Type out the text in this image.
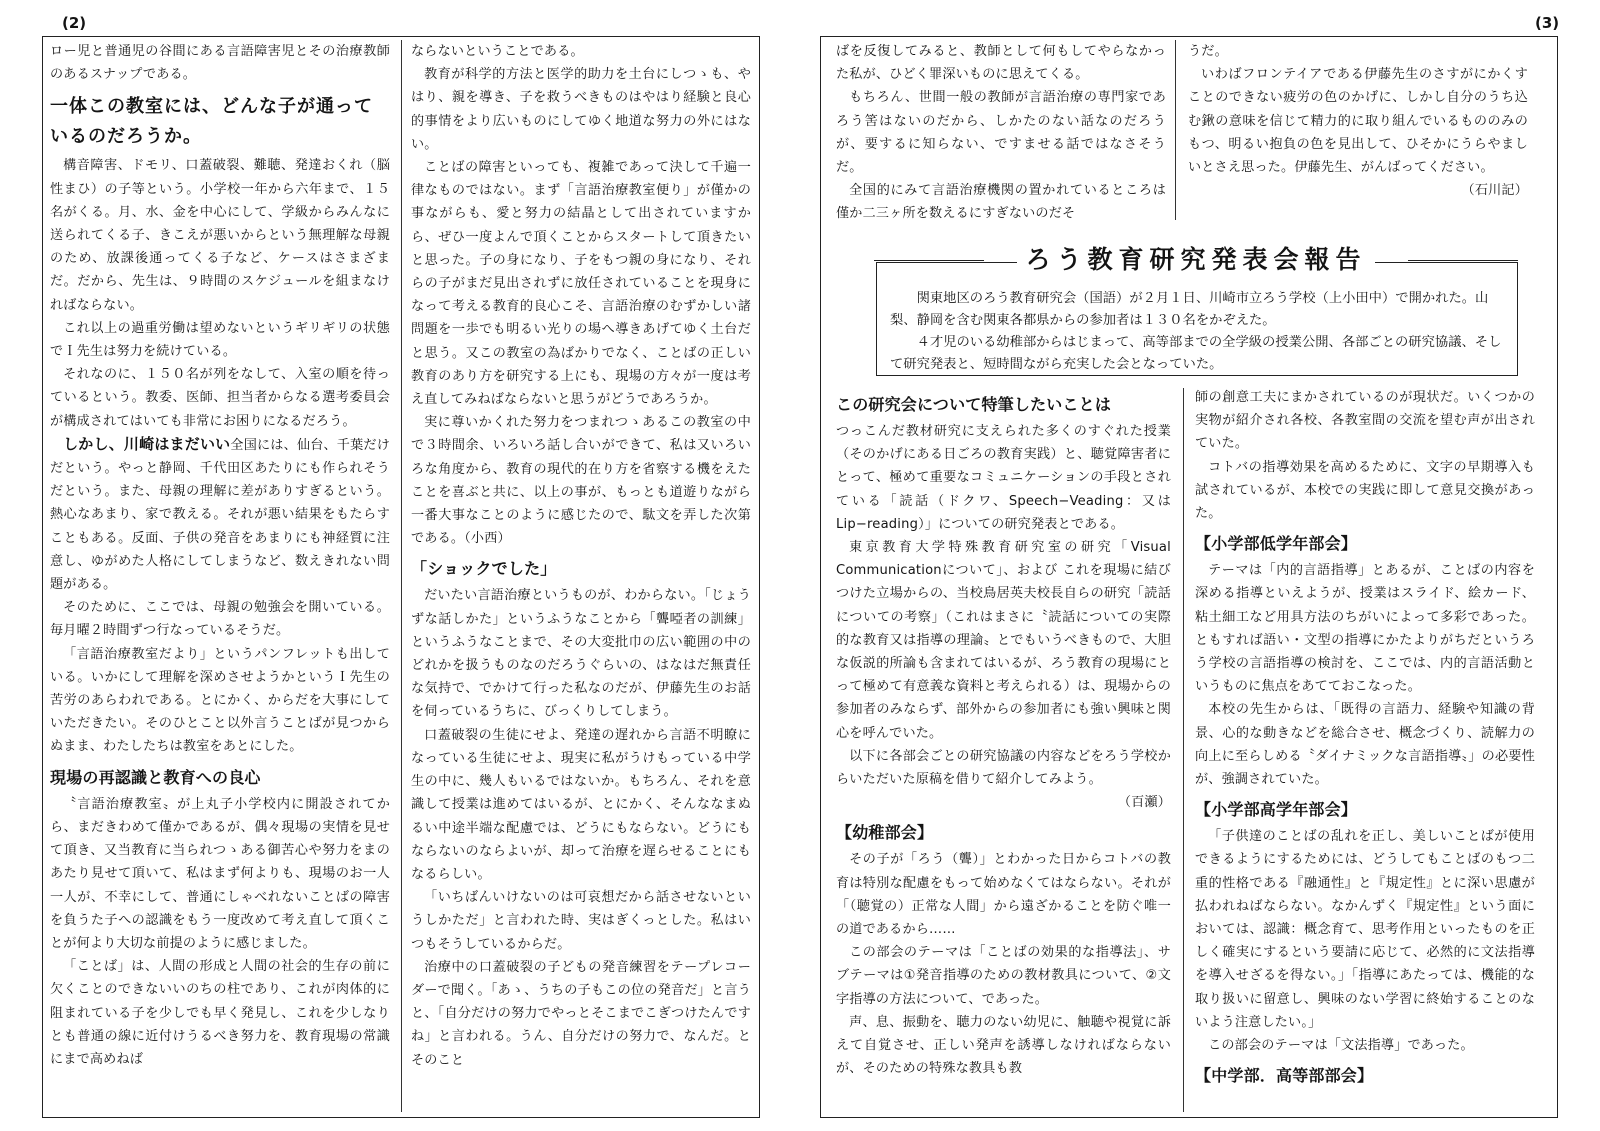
(2)	(3)

ロー児と普通児の谷間にある言語障害児とその治療教師のあるスナップである。

一体この教室には、どんな子が通っているのだろうか。

構音障害、ドモリ、口蓋破裂、難聴、発達おくれ（脳性まひ）の子等という。小学校一年から六年まで、１５名がくる。月、水、金を中心にして、学級からみんなに送られてくる子、きこえが悪いからという無理解な母親のため、放課後通ってくる子など、ケースはさまざまだ。だから、先生は、９時間のスケジュールを組まなければならない。

これ以上の過重労働は望めないというギリギリの状態でＩ先生は努力を続けている。

それなのに、１５０名が列をなして、入室の順を待っているという。教委、医師、担当者からなる選考委員会が構成されてはいても非常にお困りになるだろう。

しかし、川崎はまだいい全国には、仙台、千葉だけだという。やっと静岡、千代田区あたりにも作られそうだという。また、母親の理解に差がありすぎるという。熱心なあまり、家で教える。それが悪い結果をもたらすこともある。反面、子供の発音をあまりにも神経質に注意し、ゆがめた人格にしてしまうなど、数えきれない問題がある。

そのために、ここでは、母親の勉強会を開いている。毎月曜２時間ずつ行なっているそうだ。

「言語治療教室だより」というパンフレットも出している。いかにして理解を深めさせようかというＩ先生の苦労のあらわれである。とにかく、からだを大事にしていただきたい。そのひとこと以外言うことばが見つからぬまま、わたしたちは教室をあとにした。

現場の再認識と教育への良心

〝言語治療教室〟が上丸子小学校内に開設されてから、まだきわめて僅かであるが、偶々現場の実情を見せて頂き、又当教育に当られつゝある御苦心や努力をまのあたり見せて頂いて、私はまず何よりも、現場のお一人一人が、不幸にして、普通にしゃべれないことばの障害を負うた子への認識をもう一度改めて考え直して頂くことが何より大切な前提のように感じました。

「ことば」は、人間の形成と人間の社会的生存の前に欠くことのできないいのちの柱であり、これが肉体的に阻まれている子を少しでも早く発見し、これを少しなりとも普通の線に近付けうるべき努力を、教育現場の常識にまで高めねば

ならないということである。

教育が科学的方法と医学的助力を土台にしつゝも、やはり、親を導き、子を救うべきものはやはり経験と良心的事情をより広いものにしてゆく地道な努力の外にはない。

ことばの障害といっても、複雑であって決して千遍一律なものではない。まず「言語治療教室便り」が僅かの事ながらも、愛と努力の結晶として出されていますから、ぜひ一度よんで頂くことからスタートして頂きたいと思った。子の身になり、子をもつ親の身になり、それらの子がまだ見出されずに放任されていることを現身になって考える教育的良心こそ、言語治療のむずかしい諸問題を一歩でも明るい光りの場へ導きあげてゆく土台だと思う。又この教室の為ばかりでなく、ことばの正しい教育のあり方を研究する上にも、現場の方々が一度は考え直してみねばならないと思うがどうであろうか。

実に尊いかくれた努力をつまれつゝあるこの教室の中で３時間余、いろいろ話し合いができて、私は又いろいろな角度から、教育の現代的在り方を省察する機をえたことを喜ぶと共に、以上の事が、もっとも道遊りながら一番大事なことのように感じたので、駄文を弄した次第である。（小西）

「ショックでした」

だいたい言語治療というものが、わからない。「じょうずな話しかた」というふうなことから「聾啞者の訓練」というふうなことまで、その大変批巾の広い範囲の中のどれかを扱うものなのだろうぐらいの、はなはだ無責任な気持で、でかけて行った私なのだが、伊藤先生のお話を伺っているうちに、びっくりしてしまう。

口蓋破裂の生徒にせよ、発達の遅れから言語不明瞭になっている生徒にせよ、現実に私がうけもっている中学生の中に、幾人もいるではないか。もちろん、それを意識して授業は進めてはいるが、とにかく、そんななまぬるい中途半端な配慮では、どうにもならない。どうにもならないのならよいが、却って治療を遅らせることにもなるらしい。

「いちばんいけないのは可哀想だから話させないというしかただ」と言われた時、実はぎくっとした。私はいつもそうしているからだ。

治療中の口蓋破裂の子どもの発音練習をテープレコーダーで聞く。「あゝ、うちの子もこの位の発音だ」と言うと、「自分だけの努力でやっとそこまでこぎつけたんですね」と言われる。うん、自分だけの努力で、なんだ。とそのこと

ばを反復してみると、教師として何もしてやらなかった私が、ひどく罪深いものに思えてくる。

もちろん、世間一般の教師が言語治療の専門家であろう筈はないのだから、しかたのない話なのだろうが、要するに知らない、ですませる話ではなさそうだ。

全国的にみて言語治療機関の置かれているところは僅か二三ヶ所を数えるにすぎないのだそ

うだ。

いわばフロンテイアである伊藤先生のさすがにかくすことのできない疲労の色のかげに、しかし自分のうち込む鍬の意味を信じて精力的に取り組んでいるもののみのもつ、明るい抱負の色を見出して、ひそかにうらやましいとさえ思った。伊藤先生、がんばってください。

（石川記）
ろう教育研究発表会報告

関東地区のろう教育研究会（国語）が２月１日、川崎市立ろう学校（上小田中）で開かれた。山梨、静岡を含む関東各都県からの参加者は１３０名をかぞえた。

４才児のいる幼稚部からはじまって、高等部までの全学級の授業公開、各部ごとの研究協議、そして研究発表と、短時間ながら充実した会となっていた。

この研究会について特筆したいことは

つっこんだ教材研究に支えられた多くのすぐれた授業（そのかげにある日ごろの教育実践）と、聴覚障害者にとって、極めて重要なコミュニケーションの手段とされている「読話（ドクワ、Speech−Veading：又はLip−reading）」についての研究発表とである。

東京教育大学特殊教育研究室の研究「Visual Communicationについて」、および これを現場に結びつけた立場からの、当校鳥居英夫校長自らの研究「読話についての考察」（これはまさに〝読話についての実際的な教育又は指導の理論〟とでもいうべきもので、大胆な仮説的所論も含まれてはいるが、ろう教育の現場にとって極めて有意義な資料と考えられる）は、現場からの参加者のみならず、部外からの参加者にも強い興味と関心を呼んでいた。

以下に各部会ごとの研究協議の内容などをろう学校からいただいた原稿を借りて紹介してみよう。

（百瀬）
【幼稚部会】

その子が「ろう（聾）」とわかった日からコトバの教育は特別な配慮をもって始めなくてはならない。それが「（聴覚の）正常な人間」から遠ざかることを防ぐ唯一の道であるから……

この部会のテーマは「ことばの効果的な指導法」、サブテーマは①発音指導のための教材教具について、②文字指導の方法について、であった。

声、息、振動を、聴力のない幼児に、触聴や視覚に訴えて自覚させ、正しい発声を誘導しなければならないが、そのための特殊な教具も教

師の創意工夫にまかされているのが現状だ。いくつかの実物が紹介され各校、各教室間の交流を望む声が出されていた。

コトバの指導効果を高めるために、文字の早期導入も試されているが、本校での実践に即して意見交換があった。

【小学部低学年部会】

テーマは「内的言語指導」とあるが、ことばの内容を深める指導といえようが、授業はスライド、絵カード、粘土細工など用具方法のちがいによって多彩であった。ともすれば語い・文型の指導にかたよりがちだというろう学校の言語指導の検討を、ここでは、内的言語活動というものに焦点をあてておこなった。

本校の先生からは、「既得の言語力、経験や知識の背景、心的な動きなどを総合させ、概念づくり、読解力の向上に至らしめる〝ダイナミックな言語指導〟」の必要性が、強調されていた。

【小学部高学年部会】

「子供達のことばの乱れを正し、美しいことばが使用できるようにするためには、どうしてもことばのもつ二重的性格である『融通性』と『規定性』とに深い思慮が払われねばならない。なかんずく『規定性』という面においては、認識：概念育て、思考作用といったものを正しく確実にするという要請に応じて、必然的に文法指導を導入せざるを得ない。」「指導にあたっては、機能的な取り扱いに留意し、興味のない学習に終始することのないよう注意したい。」

この部会のテーマは「文法指導」であった。

【中学部．高等部部会】
